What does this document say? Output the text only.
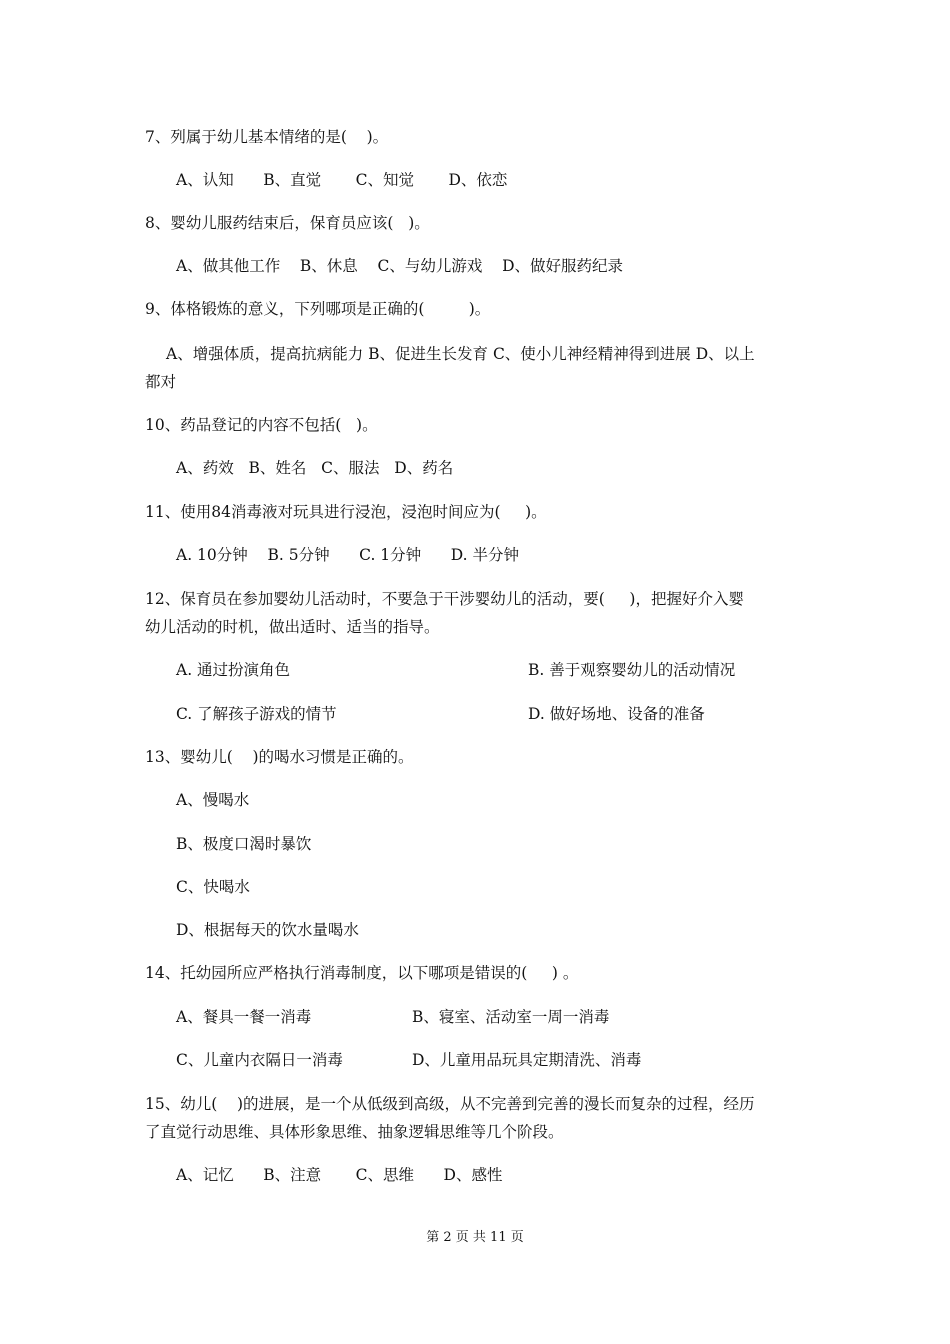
7、列属于幼儿基本情绪的是(    )。
A、认知      B、直觉       C、知觉       D、依恋
8、婴幼儿服药结束后，保育员应该(   )。
A、做其他工作    B、休息    C、与幼儿游戏    D、做好服药纪录
9、体格锻炼的意义，下列哪项是正确的(         )。
A、增强体质，提高抗病能力 B、促进生长发育 C、使小儿神经精神得到进展 D、以上
都对
10、药品登记的内容不包括(   )。
A、药效   B、姓名   C、服法   D、药名
11、使用84消毒液对玩具进行浸泡，浸泡时间应为(     )。
A. 10分钟    B. 5分钟      C. 1分钟      D. 半分钟
12、保育员在参加婴幼儿活动时，不要急于干涉婴幼儿的活动，要(     )，把握好介入婴
幼儿活动的时机，做出适时、适当的指导。
A. 通过扮演角色	B. 善于观察婴幼儿的活动情况
C. 了解孩子游戏的情节	D. 做好场地、设备的准备
13、婴幼儿(    )的喝水习惯是正确的。
A、慢喝水
B、极度口渴时暴饮
C、快喝水
D、根据每天的饮水量喝水
14、托幼园所应严格执行消毒制度，以下哪项是错误的(     ) 。
A、餐具一餐一消毒	B、寝室、活动室一周一消毒
C、儿童内衣隔日一消毒	D、儿童用品玩具定期清洗、消毒
15、幼儿(    )的进展，是一个从低级到高级，从不完善到完善的漫长而复杂的过程，经历
了直觉行动思维、具体形象思维、抽象逻辑思维等几个阶段。
A、记忆      B、注意       C、思维      D、感性
第 2 页 共 11 页
